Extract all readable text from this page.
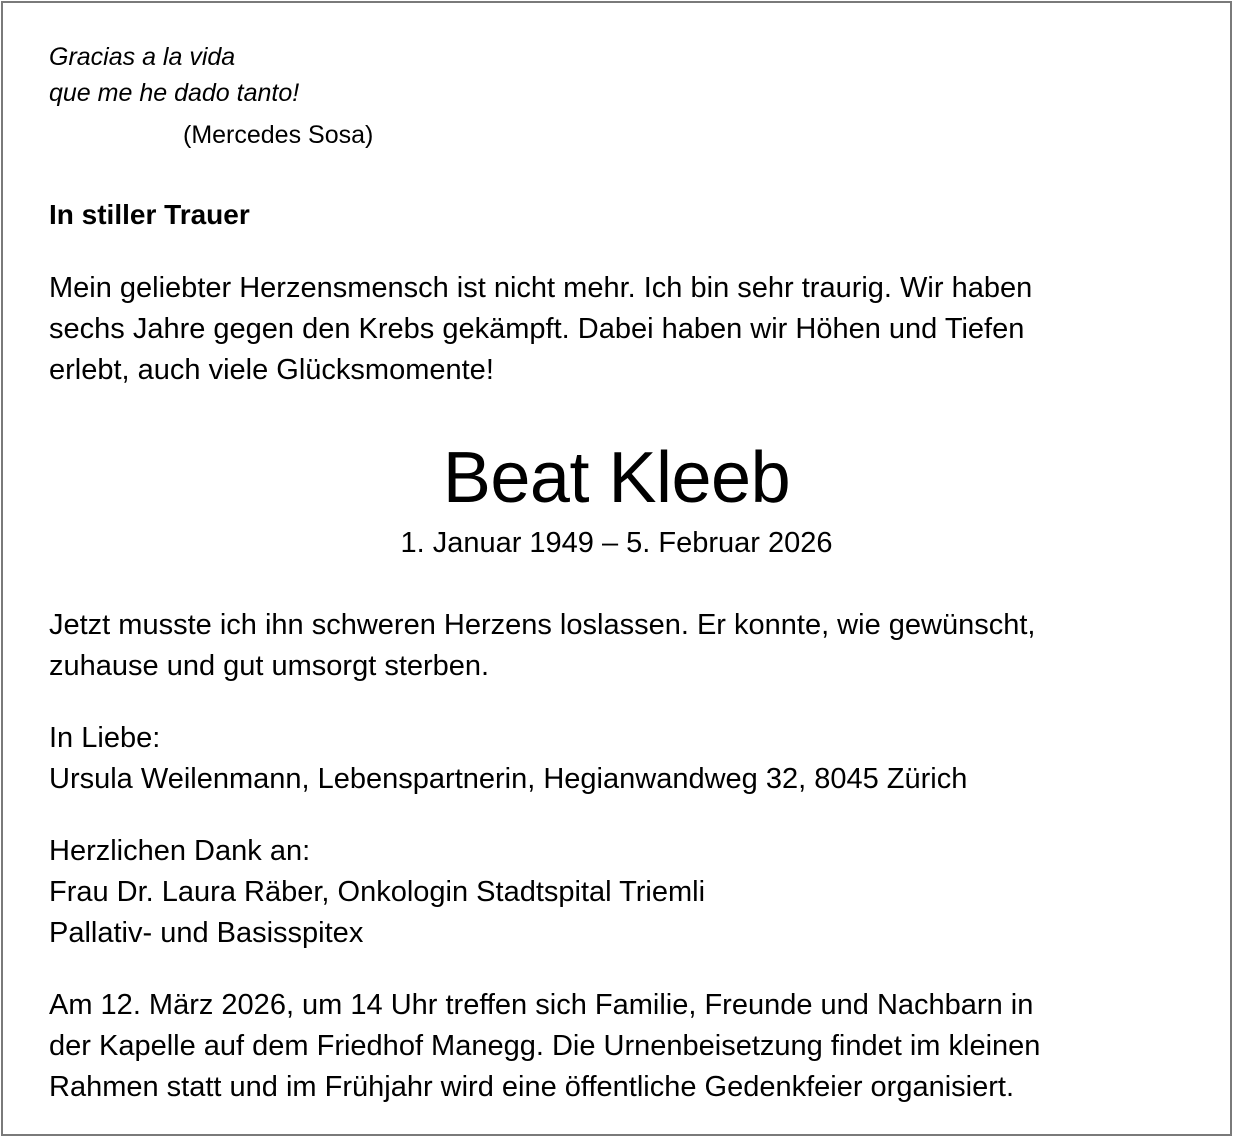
Gracias a la vida
que me he dado tanto!
(Mercedes Sosa)
In stiller Trauer
Mein geliebter Herzensmensch ist nicht mehr. Ich bin sehr traurig. Wir haben
sechs Jahre gegen den Krebs gekämpft. Dabei haben wir Höhen und Tiefen
erlebt, auch viele Glücksmomente!
Beat Kleeb
1. Januar 1949 – 5. Februar 2026
Jetzt musste ich ihn schweren Herzens loslassen. Er konnte, wie gewünscht,
zuhause und gut umsorgt sterben.
In Liebe:
Ursula Weilenmann, Lebenspartnerin, Hegianwandweg 32, 8045 Zürich
Herzlichen Dank an:
Frau Dr. Laura Räber, Onkologin Stadtspital Triemli
Pallativ- und Basisspitex
Am 12. März 2026, um 14 Uhr treffen sich Familie, Freunde und Nachbarn in
der Kapelle auf dem Friedhof Manegg. Die Urnenbeisetzung findet im kleinen
Rahmen statt und im Frühjahr wird eine öffentliche Gedenkfeier organisiert.
